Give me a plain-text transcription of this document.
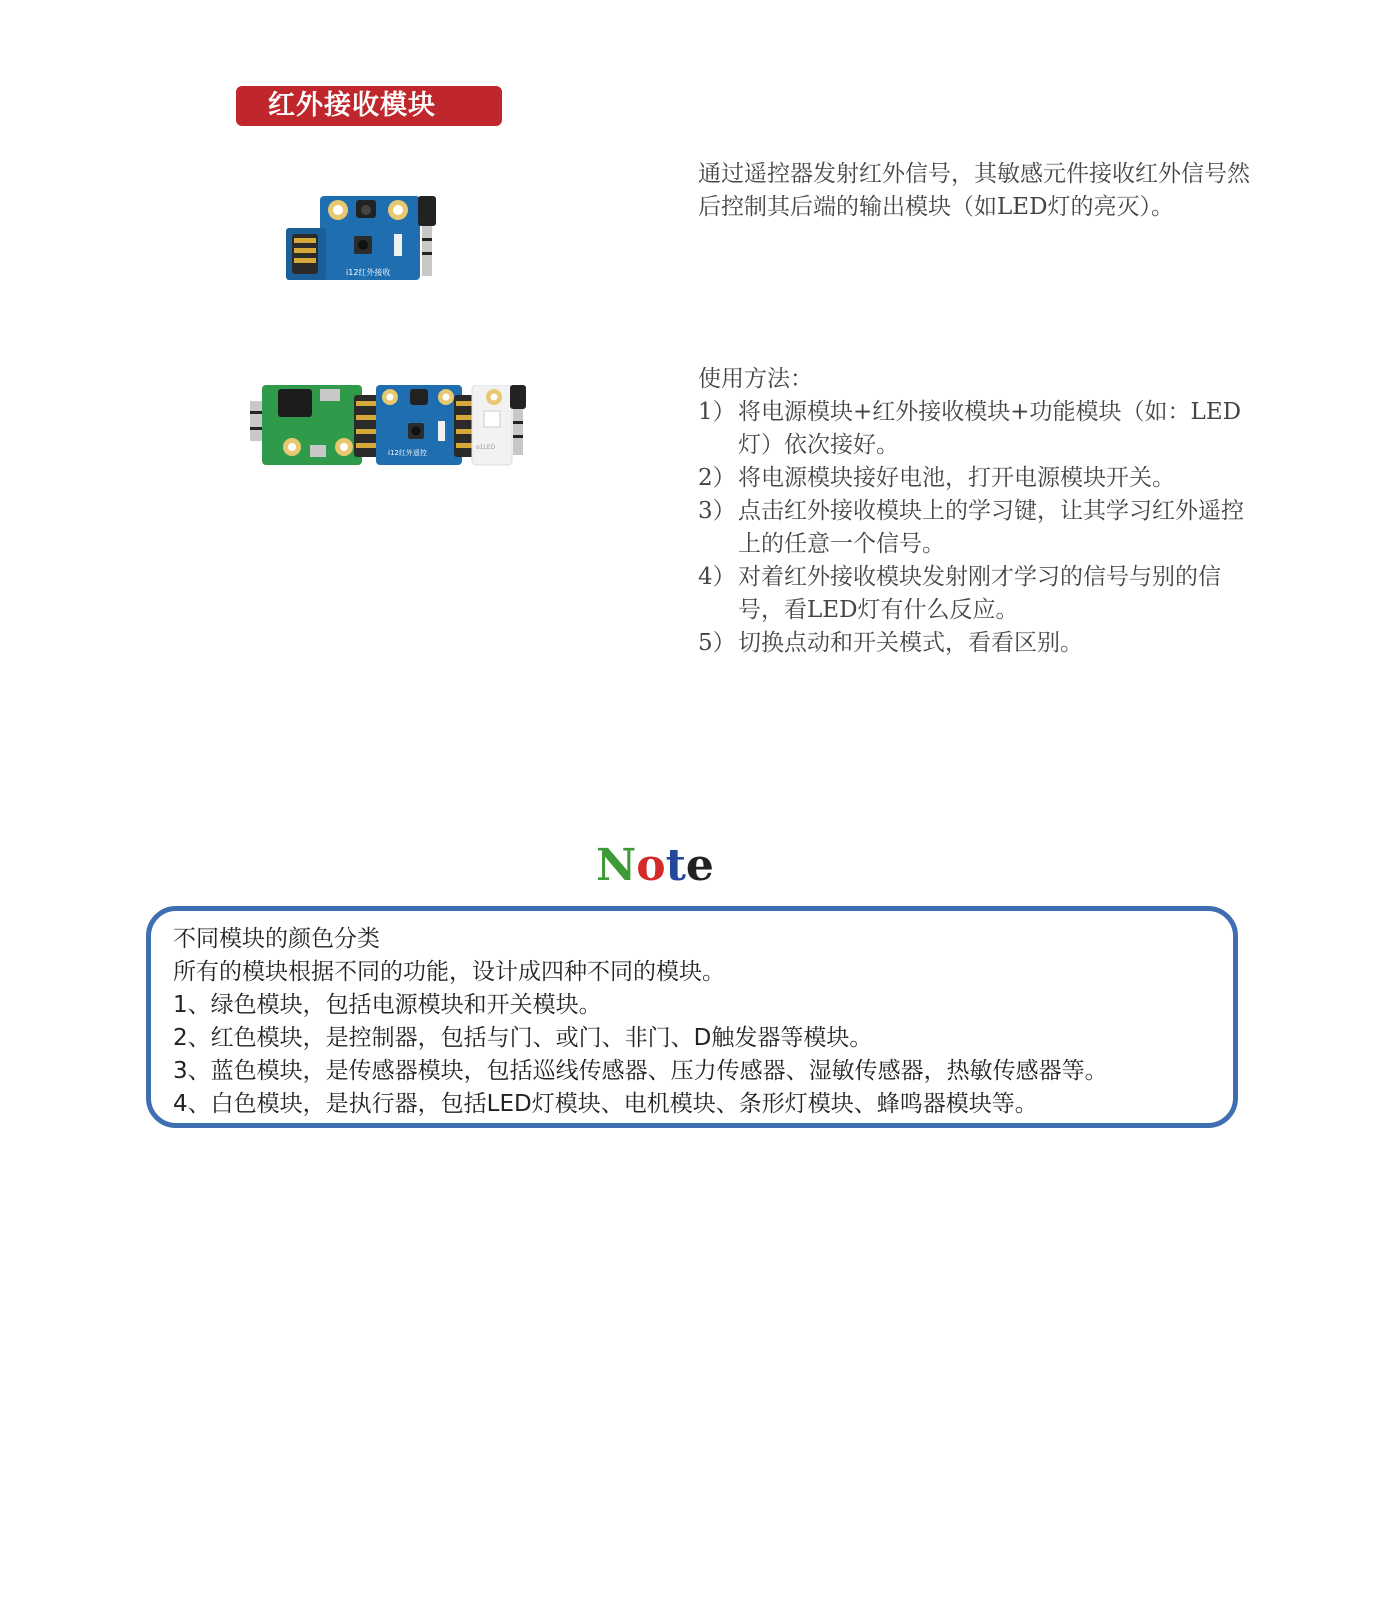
红外接收模块
i12红外接收

通过遥控器发射红外信号，其敏感元件接收红外信号然后控制其后端的输出模块（如LED灯的亮灭）。

i12红外遥控
o1LED

使用方法：

1） 将电源模块+红外接收模块+功能模块（如：LED灯）依次接好。
2） 将电源模块接好电池，打开电源模块开关。
3） 点击红外接收模块上的学习键，让其学习红外遥控上的任意一个信号。
4） 对着红外接收模块发射刚才学习的信号与别的信号，看LED灯有什么反应。
5） 切换点动和开关模式，看看区别。
Note
不同模块的颜色分类
所有的模块根据不同的功能，设计成四种不同的模块。
1、绿色模块，包括电源模块和开关模块。
2、红色模块，是控制器，包括与门、或门、非门、D触发器等模块。
3、蓝色模块，是传感器模块，包括巡线传感器、压力传感器、湿敏传感器，热敏传感器等。
4、白色模块，是执行器，包括LED灯模块、电机模块、条形灯模块、蜂鸣器模块等。
